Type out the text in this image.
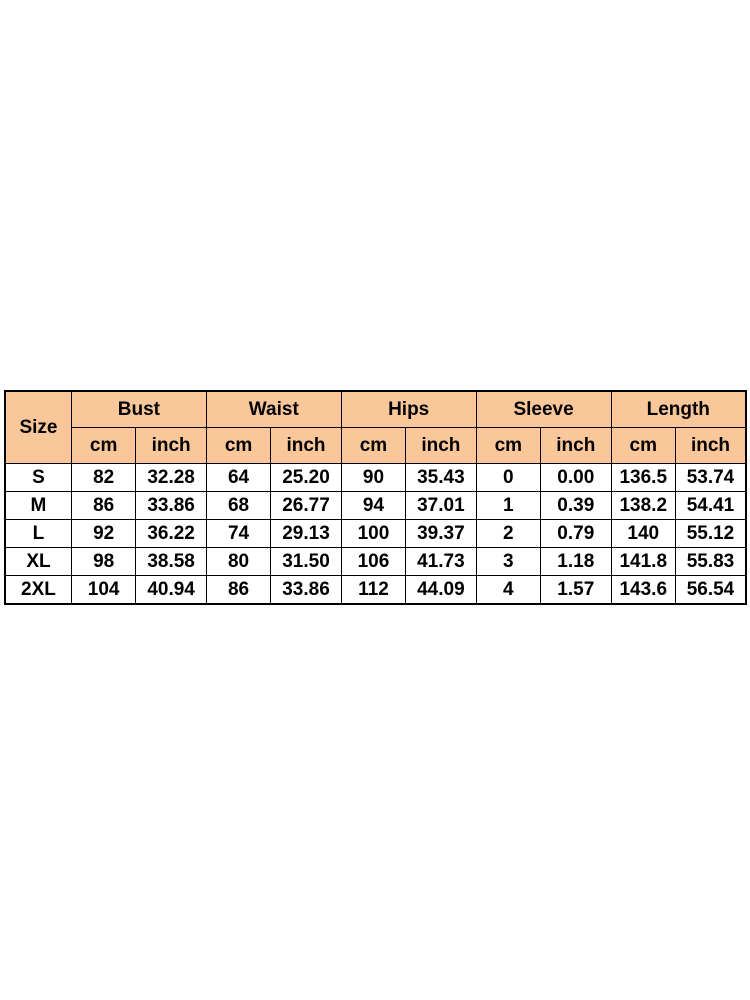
Size	Bust		Waist		Hips		Sleeve		Length	
	cm	inch	cm	inch	cm	inch	cm	inch	cm	inch
S	82	32.28	64	25.20	90	35.43	0	0.00	136.5	53.74
M	86	33.86	68	26.77	94	37.01	1	0.39	138.2	54.41
L	92	36.22	74	29.13	100	39.37	2	0.79	140	55.12
XL	98	38.58	80	31.50	106	41.73	3	1.18	141.8	55.83
2XL	104	40.94	86	33.86	112	44.09	4	1.57	143.6	56.54
